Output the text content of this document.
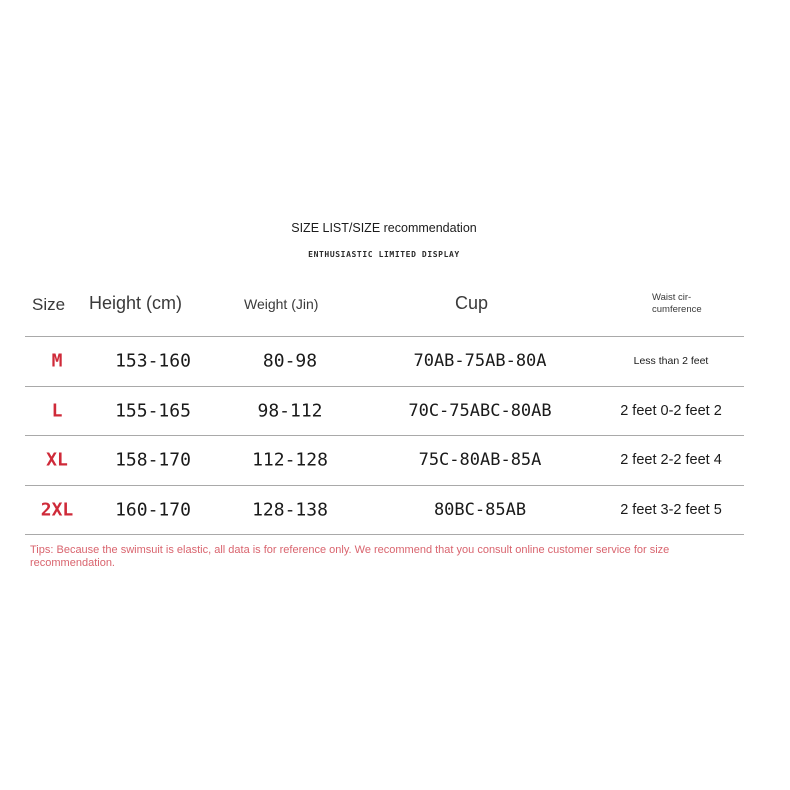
SIZE LIST/SIZE recommendation
ENTHUSIASTIC LIMITED DISPLAY
Size Height (cm)	Weight (Jin)	Cup	Waist cir- cumference
M	153-160	80-98	70AB-75AB-80A	Less than 2 feet
L	155-165	98-112	70C-75ABC-80AB	2 feet 0-2 feet 2
XL	158-170	112-128	75C-80AB-85A	2 feet 2-2 feet 4
2XL 160-170	128-138	80BC-85AB	2 feet 3-2 feet 5
Tips: Because the swimsuit is elastic, all data is for reference only. We recommend that you consult online customer service for size recommendation.
